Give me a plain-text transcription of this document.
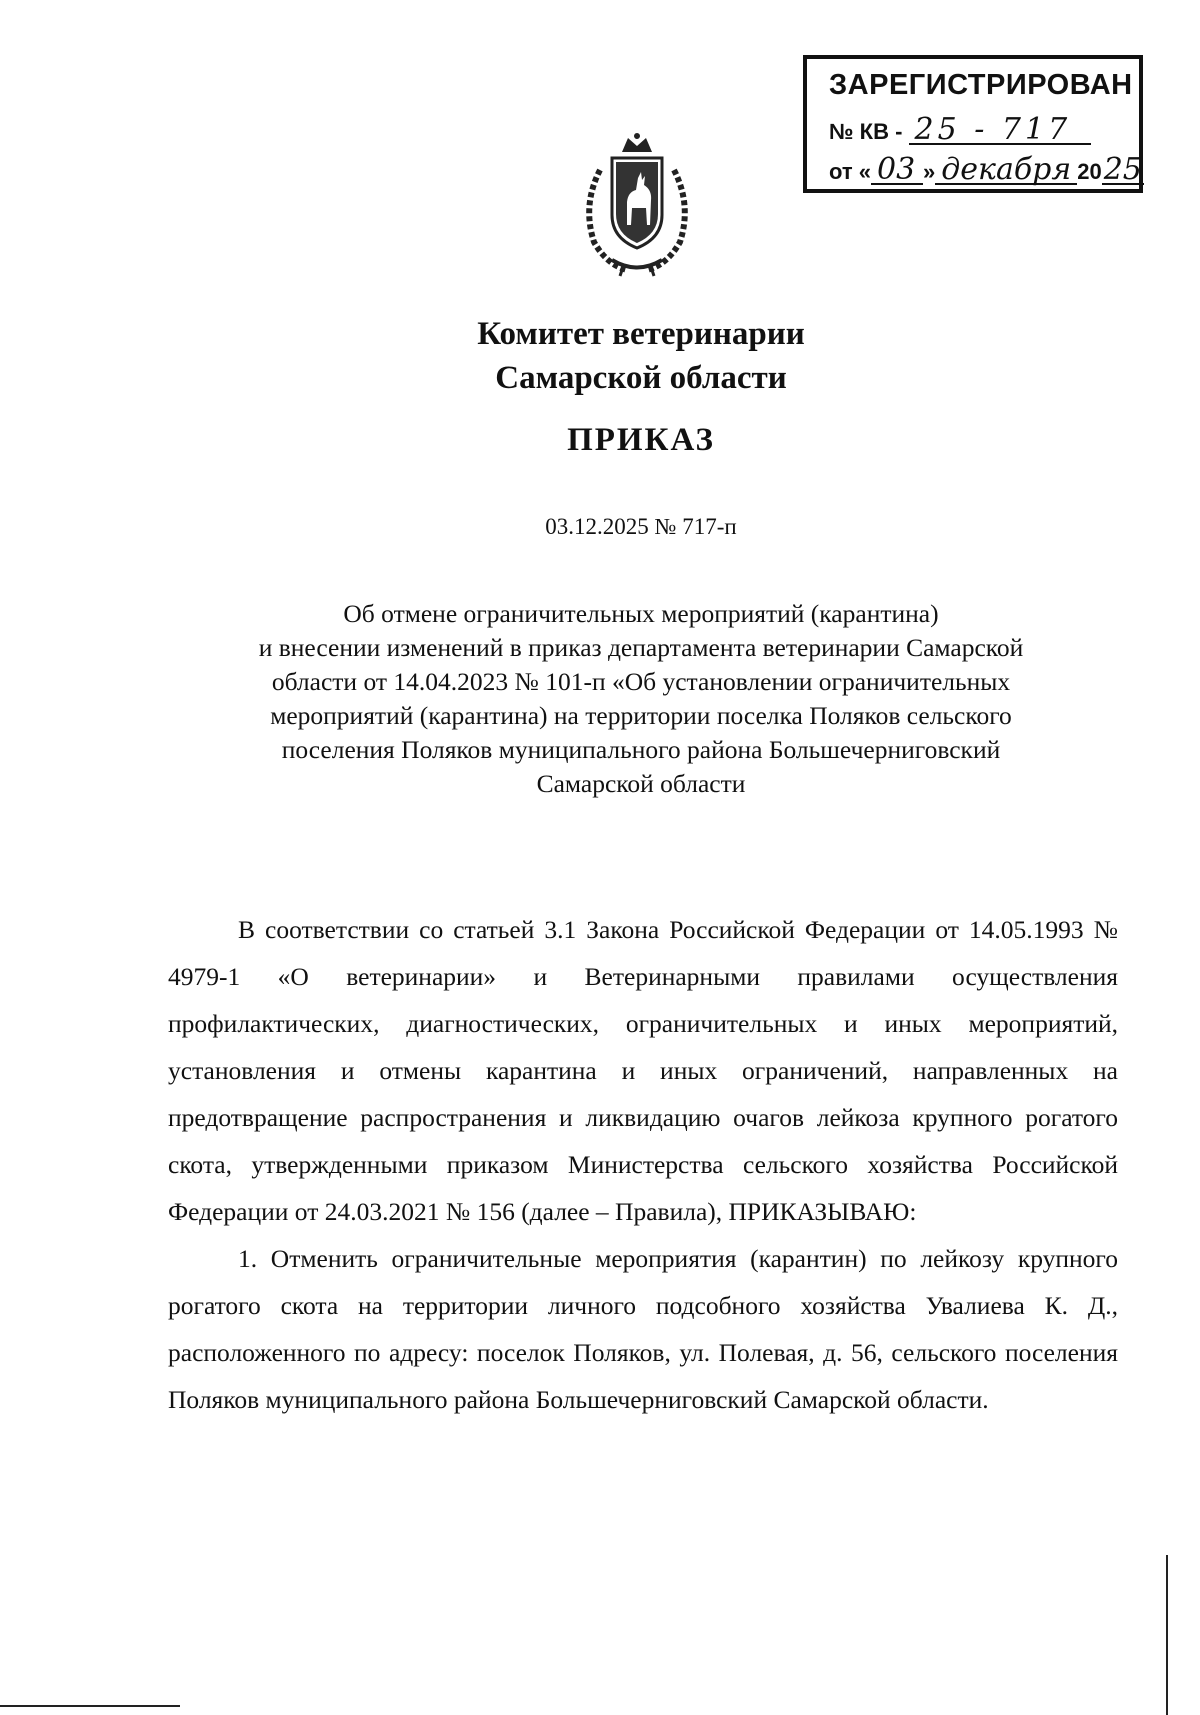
ЗАРЕГИСТРИРОВАН
№ КВ - 25 - 717
от « 03 » декабря 2025
Комитет ветеринарии
Самарской области
ПРИКАЗ
03.12.2025 № 717-п
Об отмене ограничительных мероприятий (карантина)
и внесении изменений в приказ департамента ветеринарии Самарской
области от 14.04.2023 № 101-п «Об установлении ограничительных
мероприятий (карантина) на территории поселка Поляков сельского
поселения Поляков муниципального района Большечерниговский
Самарской области

В соответствии со статьей 3.1 Закона Российской Федерации от 14.05.1993 № 4979-1 «О ветеринарии» и Ветеринарными правилами осуществления профилактических, диагностических, ограничительных и иных мероприятий, установления и отмены карантина и иных ограничений, направленных на предотвращение распространения и ликвидацию очагов лейкоза крупного рогатого скота, утвержденными приказом Министерства сельского хозяйства Российской Федерации от 24.03.2021 № 156 (далее – Правила), ПРИКАЗЫВАЮ:

1. Отменить ограничительные мероприятия (карантин) по лейкозу крупного рогатого скота на территории личного подсобного хозяйства Увалиева К. Д., расположенного по адресу: поселок Поляков, ул. Полевая, д. 56, сельского поселения Поляков муниципального района Большечерниговский Самарской области.
